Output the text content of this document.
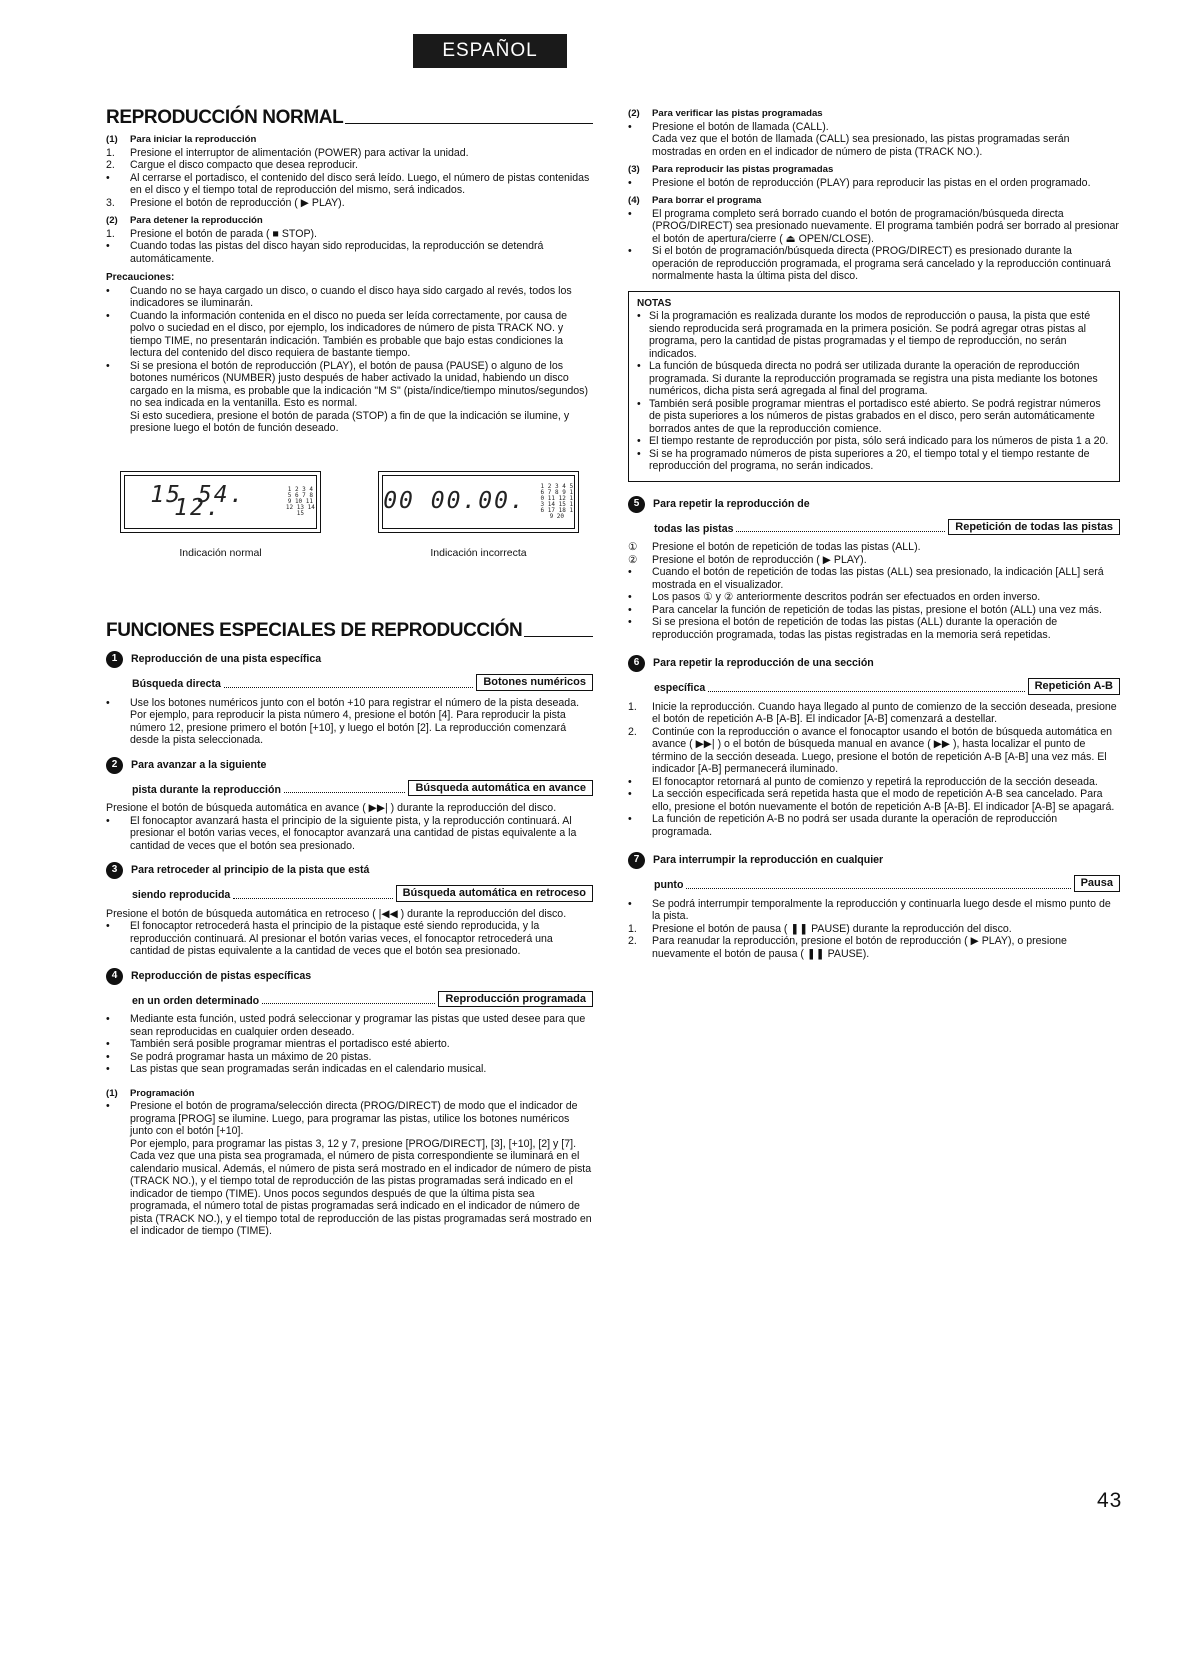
ESPAÑOL
REPRODUCCIÓN NORMAL
(1)	Para iniciar la reproducción

1. Presione el interruptor de alimentación (POWER) para activar la unidad.

2. Cargue el disco compacto que desea reproducir.

• Al cerrarse el portadisco, el contenido del disco será leído. Luego, el número de pistas contenidas en el disco y el tiempo total de reproducción del mismo, será indicados.

3. Presione el botón de reproducción ( ▶ PLAY).

(2)	Para detener la reproducción

1. Presione el botón de parada ( ■ STOP).

• Cuando todas las pistas del disco hayan sido reproducidas, la reproducción se detendrá automáticamente.

Precauciones:

• Cuando no se haya cargado un disco, o cuando el disco haya sido cargado al revés, todos los indicadores se iluminarán.

• Cuando la información contenida en el disco no pueda ser leída correctamente, por causa de polvo o suciedad en el disco, por ejemplo, los indicadores de número de pista TRACK NO. y tiempo TIME, no presentarán indicación. También es probable que bajo estas condiciones la lectura del contenido del disco requiera de bastante tiempo.

• Si se presiona el botón de reproducción (PLAY), el botón de pausa (PAUSE) o alguno de los botones numéricos (NUMBER) justo después de haber activado la unidad, habiendo un disco cargado en la misma, es probable que la indicación "M S" (pista/índice/tiempo minutos/segundos) no sea indicada en la ventanilla. Esto es normal.

Si esto sucediera, presione el botón de parada (STOP) a fin de que la indicación se ilumine, y presione luego el botón de función deseado.

15 54. 12.
1 2 3 4 5 6 7 8 9 10 11 12 13 14 15
Indicación normal
00 00.00.
1 2 3 4 5 6 7 8 9 10 11 12 13 14 15 16 17 18 19 20
Indicación incorrecta
FUNCIONES ESPECIALES DE REPRODUCCIÓN
1	Reproducción de una pista específica
Búsqueda directa	Botones numéricos

• Use los botones numéricos junto con el botón +10 para registrar el número de la pista deseada.

Por ejemplo, para reproducir la pista número 4, presione el botón [4]. Para reproducir la pista número 12, presione primero el botón [+10], y luego el botón [2]. La reproducción comenzará desde la pista seleccionada.

2	Para avanzar a la siguiente
pista durante la reproducción	Búsqueda automática en avance

Presione el botón de búsqueda automática en avance ( ▶▶| ) durante la reproducción del disco.

• El fonocaptor avanzará hasta el principio de la siguiente pista, y la reproducción continuará. Al presionar el botón varias veces, el fonocaptor avanzará una cantidad de pistas equivalente a la cantidad de veces que el botón sea presionado.

3	Para retroceder al principio de la pista que está
siendo reproducida	Búsqueda automática en retroceso

Presione el botón de búsqueda automática en retroceso ( |◀◀ ) durante la reproducción del disco.

• El fonocaptor retrocederá hasta el principio de la pistaque esté siendo reproducida, y la reproducción continuará. Al presionar el botón varias veces, el fonocaptor retrocederá una cantidad de pistas equivalente a la cantidad de veces que el botón sea presionado.

4	Reproducción de pistas específicas
en un orden determinado	Reproducción programada

• Mediante esta función, usted podrá seleccionar y programar las pistas que usted desee para que sean reproducidas en cualquier orden deseado.

• También será posible programar mientras el portadisco esté abierto.

• Se podrá programar hasta un máximo de 20 pistas.

• Las pistas que sean programadas serán indicadas en el calendario musical.

(1)	Programación

• Presione el botón de programa/selección directa (PROG/DIRECT) de modo que el indicador de programa [PROG] se ilumine. Luego, para programar las pistas, utilice los botones numéricos junto con el botón [+10].

Por ejemplo, para programar las pistas 3, 12 y 7, presione [PROG/DIRECT], [3], [+10], [2] y [7].

Cada vez que una pista sea programada, el número de pista correspondiente se iluminará en el calendario musical. Además, el número de pista será mostrado en el indicador de número de pista (TRACK NO.), y el tiempo total de reproducción de las pistas programadas será indicado en el indicador de tiempo (TIME). Unos pocos segundos después de que la última pista sea programada, el número total de pistas programadas será indicado en el indicador de número de pista (TRACK NO.), y el tiempo total de reproducción de las pistas programadas será mostrado en el indicador de tiempo (TIME).

(2)	Para verificar las pistas programadas

• Presione el botón de llamada (CALL).

Cada vez que el botón de llamada (CALL) sea presionado, las pistas programadas serán mostradas en orden en el indicador de número de pista (TRACK NO.).

(3)	Para reproducir las pistas programadas

• Presione el botón de reproducción (PLAY) para reproducir las pistas en el orden programado.

(4)	Para borrar el programa

• El programa completo será borrado cuando el botón de programación/búsqueda directa (PROG/DIRECT) sea presionado nuevamente. El programa también podrá ser borrado al presionar el botón de apertura/cierre ( ⏏ OPEN/CLOSE).

• Si el botón de programación/búsqueda directa (PROG/DIRECT) es presionado durante la operación de reproducción programada, el programa será cancelado y la reproducción continuará normalmente hasta la última pista del disco.

NOTAS

• Si la programación es realizada durante los modos de reproducción o pausa, la pista que esté siendo reproducida será programada en la primera posición. Se podrá agregar otras pistas al programa, pero la cantidad de pistas programadas y el tiempo de reproducción, no serán indicados.

• La función de búsqueda directa no podrá ser utilizada durante la operación de reproducción programada. Si durante la reproducción programada se registra una pista mediante los botones numéricos, dicha pista será agregada al final del programa.

• También será posible programar mientras el portadisco esté abierto. Se podrá registrar números de pista superiores a los números de pistas grabados en el disco, pero serán automáticamente borrados antes de que la reproducción comience.

• El tiempo restante de reproducción por pista, sólo será indicado para los números de pista 1 a 20.

• Si se ha programado números de pista superiores a 20, el tiempo total y el tiempo restante de reproducción del programa, no serán indicados.

5	Para repetir la reproducción de
todas las pistas	Repetición de todas las pistas

① Presione el botón de repetición de todas las pistas (ALL).

② Presione el botón de reproducción ( ▶ PLAY).

• Cuando el botón de repetición de todas las pistas (ALL) sea presionado, la indicación [ALL] será mostrada en el visualizador.

• Los pasos ① y ② anteriormente descritos podrán ser efectuados en orden inverso.

• Para cancelar la función de repetición de todas las pistas, presione el botón (ALL) una vez más.

• Si se presiona el botón de repetición de todas las pistas (ALL) durante la operación de reproducción programada, todas las pistas registradas en la memoria será repetidas.

6	Para repetir la reproducción de una sección
específica	Repetición A-B

1. Inicie la reproducción. Cuando haya llegado al punto de comienzo de la sección deseada, presione el botón de repetición A-B [A-B]. El indicador [A-B] comenzará a destellar.

2. Continúe con la reproducción o avance el fonocaptor usando el botón de búsqueda automática en avance ( ▶▶| ) o el botón de búsqueda manual en avance ( ▶▶ ), hasta localizar el punto de término de la sección deseada. Luego, presione el botón de repetición A-B [A-B] una vez más. El indicador [A-B] permanecerá iluminado.

• El fonocaptor retornará al punto de comienzo y repetirá la reproducción de la sección deseada.

• La sección especificada será repetida hasta que el modo de repetición A-B sea cancelado. Para ello, presione el botón nuevamente el botón de repetición A-B [A-B]. El indicador [A-B] se apagará.

• La función de repetición A-B no podrá ser usada durante la operación de reproducción programada.

7	Para interrumpir la reproducción en cualquier
punto	Pausa

• Se podrá interrumpir temporalmente la reproducción y continuarla luego desde el mismo punto de la pista.

1. Presione el botón de pausa ( ❚❚ PAUSE) durante la reproducción del disco.

2. Para reanudar la reproducción, presione el botón de reproducción ( ▶ PLAY), o presione nuevamente el botón de pausa ( ❚❚ PAUSE).

43
